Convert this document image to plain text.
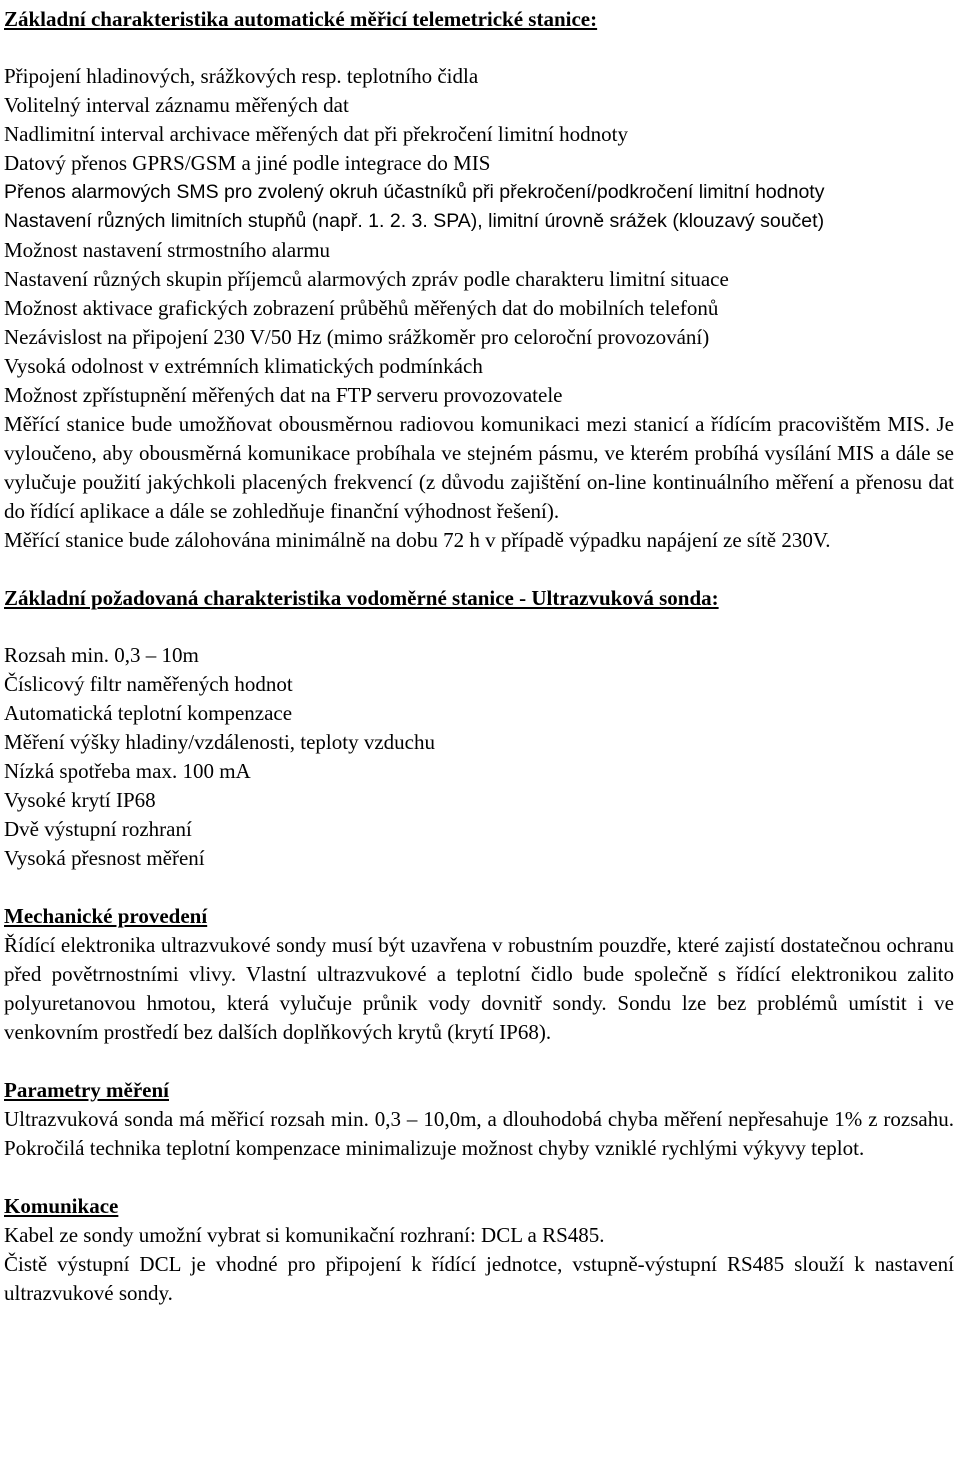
Základní charakteristika automatické měřicí telemetrické stanice:
Připojení hladinových, srážkových resp. teplotního čidla
Volitelný interval záznamu měřených dat
Nadlimitní interval archivace měřených dat při překročení limitní hodnoty
Datový přenos GPRS/GSM a jiné podle integrace do MIS
Přenos alarmových SMS pro zvolený okruh účastníků při překročení/podkročení limitní hodnoty
Nastavení různých limitních stupňů (např. 1. 2. 3. SPA), limitní úrovně srážek (klouzavý součet)
Možnost nastavení strmostního alarmu
Nastavení různých skupin příjemců alarmových zpráv podle charakteru limitní situace
Možnost aktivace grafických zobrazení průběhů měřených dat do mobilních telefonů
Nezávislost na připojení 230 V/50 Hz (mimo srážkoměr pro celoroční provozování)
Vysoká odolnost v extrémních klimatických podmínkách
Možnost zpřístupnění měřených dat na FTP serveru provozovatele

Měřící stanice bude umožňovat obousměrnou radiovou komunikaci mezi stanicí a řídícím pracovištěm MIS. Je vyloučeno, aby obousměrná komunikace probíhala ve stejném pásmu, ve kterém probíhá vysílání MIS a dále se vylučuje použití jakýchkoli placených frekvencí (z důvodu zajištění on-line kontinuálního měření a přenosu dat do řídící aplikace a dále se zohledňuje finanční výhodnost řešení).

Měřící stanice bude zálohována minimálně na dobu 72 h v případě výpadku napájení ze sítě 230V.

Základní požadovaná charakteristika vodoměrné stanice - Ultrazvuková sonda:
Rozsah min. 0,3 – 10m
Číslicový filtr naměřených hodnot
Automatická teplotní kompenzace
Měření výšky hladiny/vzdálenosti, teploty vzduchu
Nízká spotřeba max. 100 mA
Vysoké krytí IP68
Dvě výstupní rozhraní
Vysoká přesnost měření
Mechanické provedení

Řídící elektronika ultrazvukové sondy musí být uzavřena v robustním pouzdře, které zajistí dostatečnou ochranu před povětrnostními vlivy. Vlastní ultrazvukové a teplotní čidlo bude společně s řídící elektronikou zalito polyuretanovou hmotou, která vylučuje průnik vody dovnitř sondy. Sondu lze bez problémů umístit i ve venkovním prostředí bez dalších doplňkových krytů (krytí IP68).

Parametry měření

Ultrazvuková sonda má měřicí rozsah min. 0,3 – 10,0m, a dlouhodobá chyba měření nepřesahuje 1% z rozsahu. Pokročilá technika teplotní kompenzace minimalizuje možnost chyby vzniklé rychlými výkyvy teplot.

Komunikace
Kabel ze sondy umožní vybrat si komunikační rozhraní: DCL a RS485.

Čistě výstupní DCL je vhodné pro připojení k řídící jednotce, vstupně-výstupní RS485 slouží k nastavení ultrazvukové sondy.
